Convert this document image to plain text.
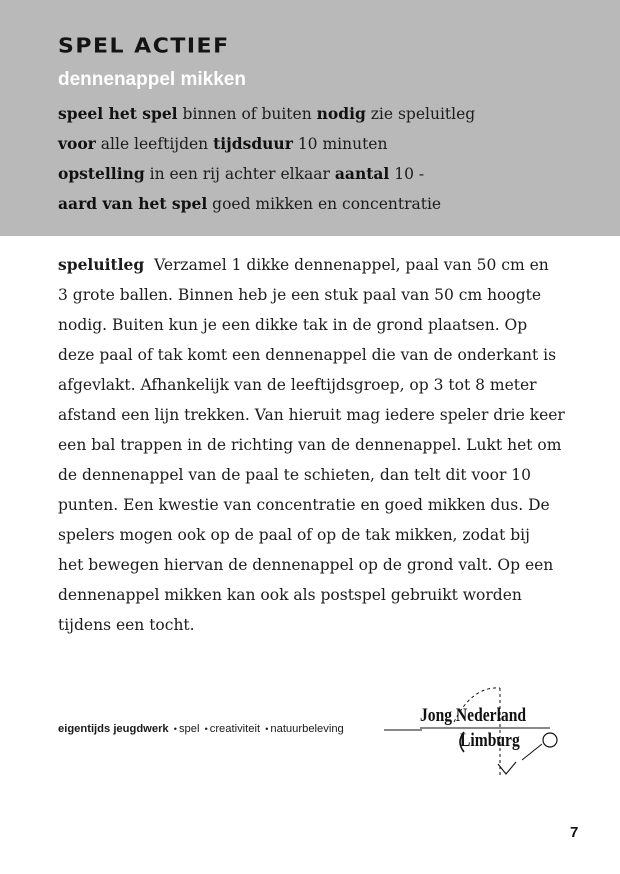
SPEL ACTIEF
dennenappel mikken

speel het spel binnen of buiten nodig zie speluitleg

voor alle leeftijden tijdsduur 10 minuten

opstelling in een rij achter elkaar aantal 10 -

aard van het spel goed mikken en concentratie

speluitleg Verzamel 1 dikke dennenappel, paal van 50 cm en
3 grote ballen. Binnen heb je een stuk paal van 50 cm hoogte
nodig. Buiten kun je een dikke tak in de grond plaatsen. Op
deze paal of tak komt een dennenappel die van de onderkant is
afgevlakt. Afhankelijk van de leeftijdsgroep, op 3 tot 8 meter
afstand een lijn trekken. Van hieruit mag iedere speler drie keer
een bal trappen in de richting van de dennenappel. Lukt het om
de dennenappel van de paal te schieten, dan telt dit voor 10
punten. Een kwestie van concentratie en goed mikken dus. De
spelers mogen ook op de paal of op de tak mikken, zodat bij
het bewegen hiervan de dennenappel op de grond valt. Op een
dennenappel mikken kan ook als postspel gebruikt worden
tijdens een tocht.

eigentijds jeugdwerk • spel • creativiteit • natuurbeleving

Jong Nederland

Limburg

7
